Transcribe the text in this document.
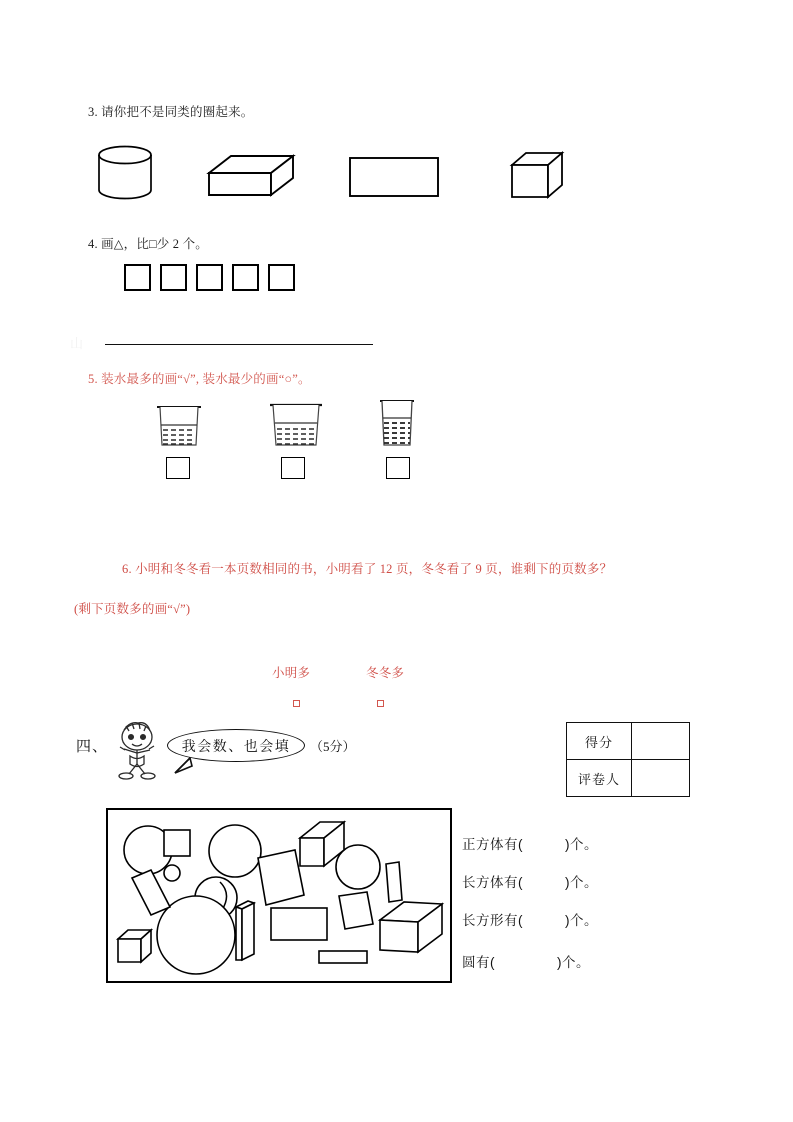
3. 请你把不是同类的圈起来。
4. 画△，比□少 2 个。
山
5. 装水最多的画“√”, 装水最少的画“○”。
6. 小明和冬冬看一本页数相同的书，小明看了 12 页，冬冬看了 9 页，谁剩下的页数多？
(剩下页数多的画“√”)
小明多	冬冬多
四、	我会数、也会填 （5分）	得分	
评卷人	
正方体有(	)个。
长方体有(	)个。
长方形有(	)个。
圆有(	)个。
